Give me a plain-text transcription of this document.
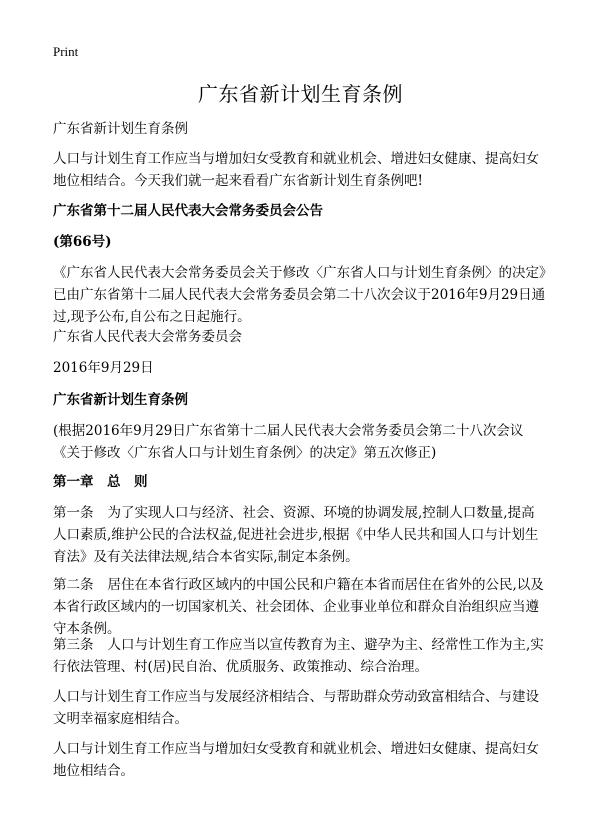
Print
广东省新计划生育条例

广东省新计划生育条例

人口与计划生育工作应当与增加妇女受教育和就业机会、增进妇女健康、提高妇女地位相结合。今天我们就一起来看看广东省新计划生育条例吧!

广东省第十二届人民代表大会常务委员会公告

(第66号)

《广东省人民代表大会常务委员会关于修改〈广东省人口与计划生育条例〉的决定》已由广东省第十二届人民代表大会常务委员会第二十八次会议于2016年9月29日通过,现予公布,自公布之日起施行。

广东省人民代表大会常务委员会

2016年9月29日

广东省新计划生育条例

(根据2016年9月29日广东省第十二届人民代表大会常务委员会第二十八次会议《关于修改〈广东省人口与计划生育条例〉的决定》第五次修正)

第一章　总　则

第一条 为了实现人口与经济、社会、资源、环境的协调发展,控制人口数量,提高人口素质,维护公民的合法权益,促进社会进步,根据《中华人民共和国人口与计划生育法》及有关法律法规,结合本省实际,制定本条例。

第二条 居住在本省行政区域内的中国公民和户籍在本省而居住在省外的公民,以及本省行政区域内的一切国家机关、社会团体、企业事业单位和群众自治组织应当遵守本条例。

第三条 人口与计划生育工作应当以宣传教育为主、避孕为主、经常性工作为主,实行依法管理、村(居)民自治、优质服务、政策推动、综合治理。

人口与计划生育工作应当与发展经济相结合、与帮助群众劳动致富相结合、与建设文明幸福家庭相结合。

人口与计划生育工作应当与增加妇女受教育和就业机会、增进妇女健康、提高妇女地位相结合。
